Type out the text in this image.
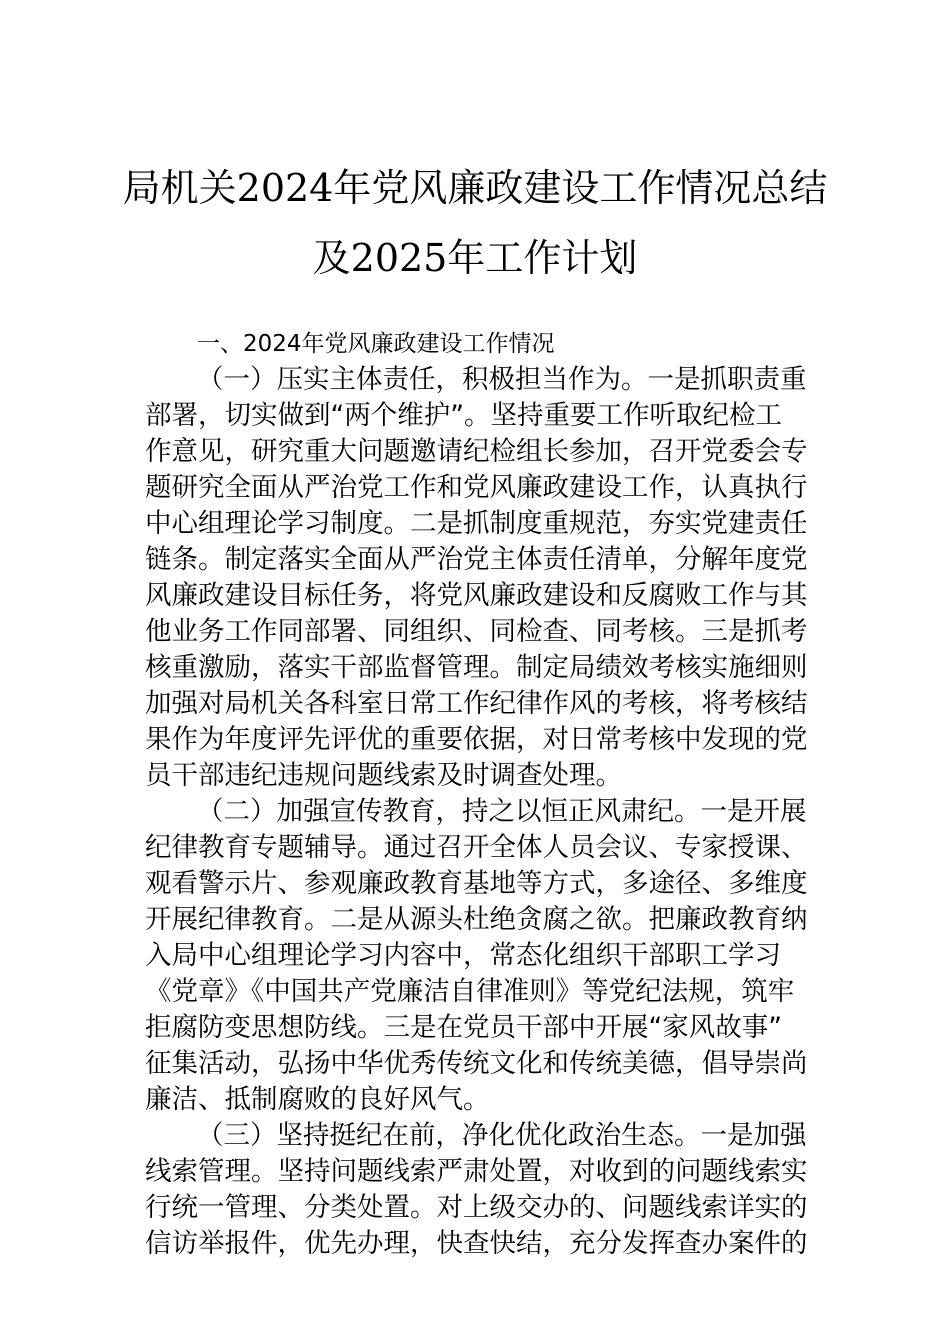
局机关2024年党风廉政建设工作情况总结
及2025年工作计划
一、2024年党风廉政建设工作情况
（一）压实主体责任，积极担当作为。一是抓职责重
部署，切实做到“两个维护”。坚持重要工作听取纪检工
作意见，研究重大问题邀请纪检组长参加，召开党委会专
题研究全面从严治党工作和党风廉政建设工作，认真执行
中心组理论学习制度。二是抓制度重规范，夯实党建责任
链条。制定落实全面从严治党主体责任清单，分解年度党
风廉政建设目标任务，将党风廉政建设和反腐败工作与其
他业务工作同部署、同组织、同检查、同考核。三是抓考
核重激励，落实干部监督管理。制定局绩效考核实施细则
加强对局机关各科室日常工作纪律作风的考核，将考核结
果作为年度评先评优的重要依据，对日常考核中发现的党
员干部违纪违规问题线索及时调查处理。
（二）加强宣传教育，持之以恒正风肃纪。一是开展
纪律教育专题辅导。通过召开全体人员会议、专家授课、
观看警示片、参观廉政教育基地等方式，多途径、多维度
开展纪律教育。二是从源头杜绝贪腐之欲。把廉政教育纳
入局中心组理论学习内容中，常态化组织干部职工学习
《党章》《中国共产党廉洁自律准则》等党纪法规，筑牢
拒腐防变思想防线。三是在党员干部中开展“家风故事”
征集活动，弘扬中华优秀传统文化和传统美德，倡导崇尚
廉洁、抵制腐败的良好风气。
（三）坚持挺纪在前，净化优化政治生态。一是加强
线索管理。坚持问题线索严肃处置，对收到的问题线索实
行统一管理、分类处置。对上级交办的、问题线索详实的
信访举报件，优先办理，快查快结，充分发挥查办案件的
